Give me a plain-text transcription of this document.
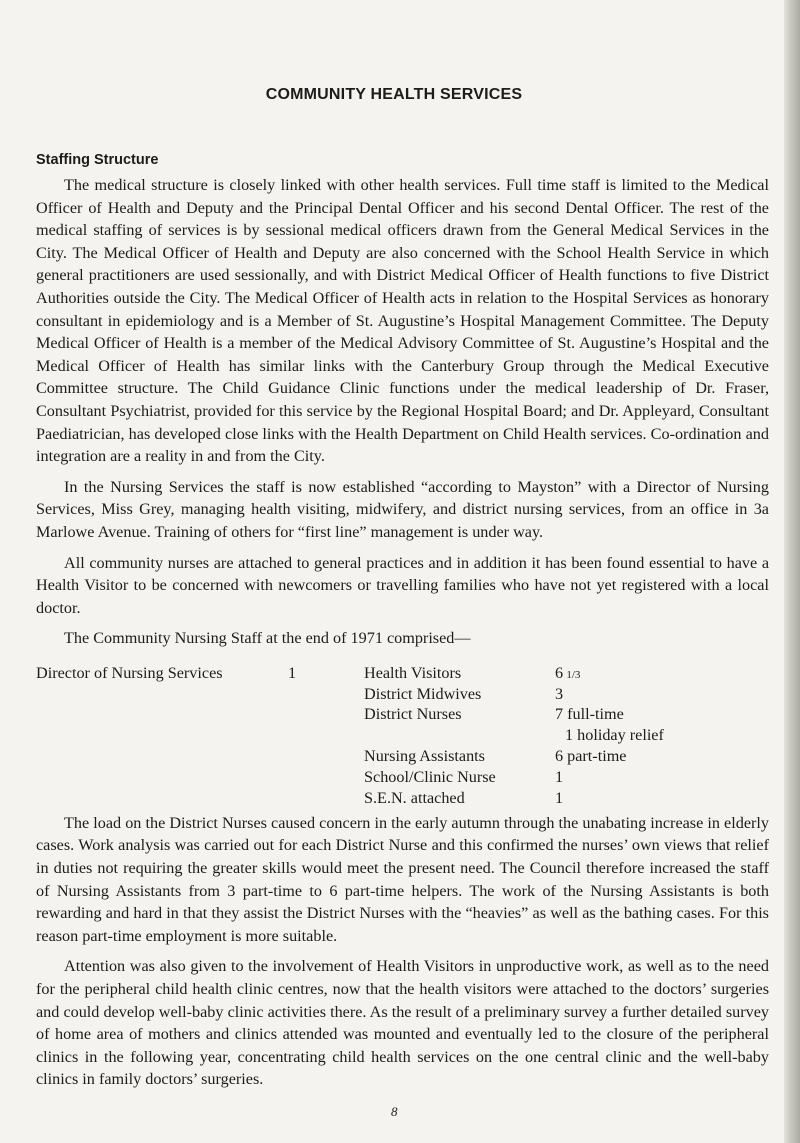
COMMUNITY HEALTH SERVICES
Staffing Structure

The medical structure is closely linked with other health services. Full time staff is limited to the Medical Officer of Health and Deputy and the Principal Dental Officer and his second Dental Officer. The rest of the medical staffing of services is by sessional medical officers drawn from the General Medical Services in the City. The Medical Officer of Health and Deputy are also concerned with the School Health Service in which general practitioners are used sessionally, and with District Medical Officer of Health functions to five District Authorities outside the City. The Medical Officer of Health acts in relation to the Hospital Services as honorary consultant in epidemiology and is a Member of St. Augustine’s Hospital Management Committee. The Deputy Medical Officer of Health is a member of the Medical Advisory Committee of St. Augustine’s Hospital and the Medical Officer of Health has similar links with the Canterbury Group through the Medical Executive Committee structure. The Child Guidance Clinic functions under the medical leadership of Dr. Fraser, Consultant Psychiatrist, provided for this service by the Regional Hospital Board; and Dr. Appleyard, Consultant Paediatrician, has developed close links with the Health Department on Child Health services. Co-ordination and integration are a reality in and from the City.

In the Nursing Services the staff is now established “according to Mayston” with a Director of Nursing Services, Miss Grey, managing health visiting, midwifery, and district nursing services, from an office in 3a Marlowe Avenue. Training of others for “first line” management is under way.

All community nurses are attached to general practices and in addition it has been found essential to have a Health Visitor to be concerned with newcomers or travelling families who have not yet registered with a local doctor.

The Community Nursing Staff at the end of 1971 comprised—

Director of Nursing Services	1	Health Visitors	6  1/3
District Midwives	3
District Nurses	7 full-time
1 holiday relief
Nursing Assistants	6 part-time
School/Clinic Nurse	1
S.E.N. attached	1

The load on the District Nurses caused concern in the early autumn through the unabating increase in elderly cases. Work analysis was carried out for each District Nurse and this confirmed the nurses’ own views that relief in duties not requiring the greater skills would meet the present need. The Council therefore increased the staff of Nursing Assistants from 3 part-time to 6 part-time helpers. The work of the Nursing Assistants is both rewarding and hard in that they assist the District Nurses with the “heavies” as well as the bathing cases. For this reason part-time employment is more suitable.

Attention was also given to the involvement of Health Visitors in unproductive work, as well as to the need for the peripheral child health clinic centres, now that the health visitors were attached to the doctors’ surgeries and could develop well-baby clinic activities there. As the result of a preliminary survey a further detailed survey of home area of mothers and clinics attended was mounted and eventually led to the closure of the peripheral clinics in the following year, concentrating child health services on the one central clinic and the well-baby clinics in family doctors’ surgeries.

8
